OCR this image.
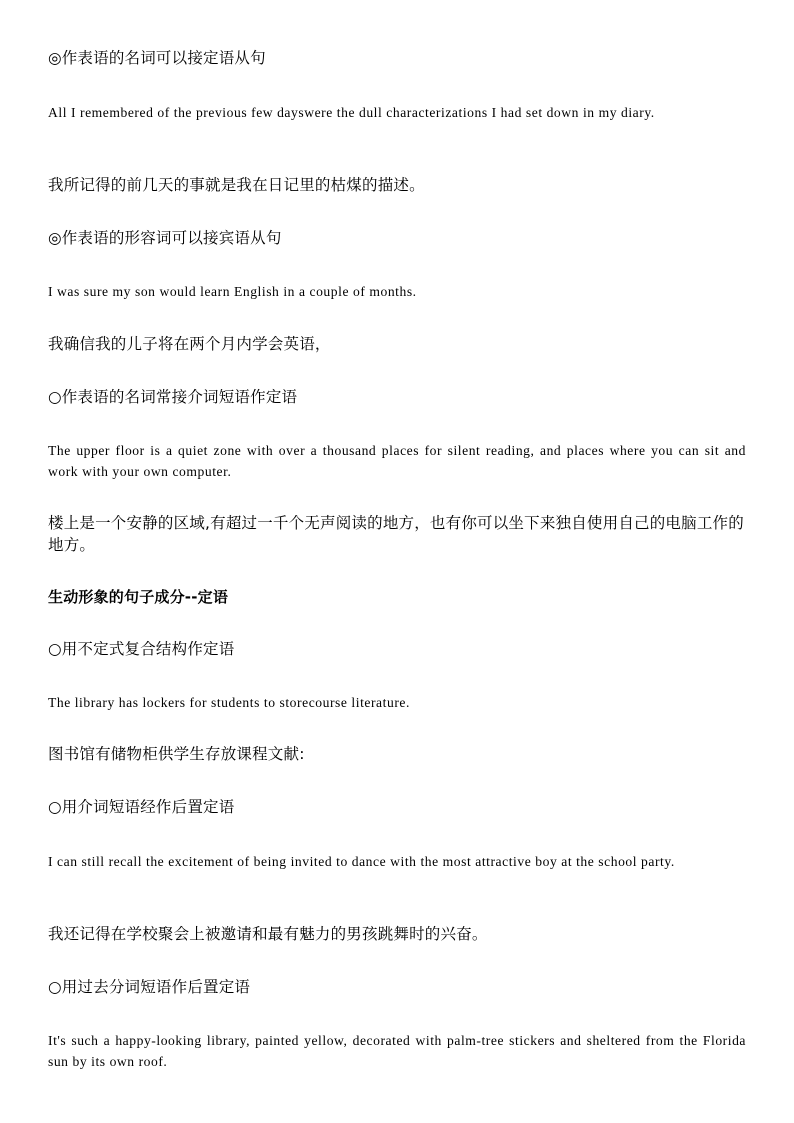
◎作表语的名词可以接定语从句

All I remembered of the previous few dayswere the dull characterizations I had set down in my diary.

我所记得的前几天的事就是我在日记里的枯煤的描述。

◎作表语的形容词可以接宾语从句

I was sure my son would learn English in a couple of months.

我确信我的儿子将在两个月内学会英语，

○作表语的名词常接介词短语作定语

The upper floor is a quiet zone with over a thousand places for silent reading, and places where you can sit and work with your own computer.

楼上是一个安静的区域,有超过一千个无声阅读的地方，也有你可以坐下来独自使用自己的电脑工作的地方。

生动形象的句子成分--定语

○用不定式复合结构作定语

The library has lockers for students to storecourse literature.

图书馆有储物柜供学生存放课程文献:

○用介词短语经作后置定语

I can still recall the excitement of being invited to dance with the most attractive boy at the school party.

我还记得在学校聚会上被邀请和最有魅力的男孩跳舞时的兴奋。

○用过去分词短语作后置定语

It's such a happy-looking library, painted yellow, decorated with palm-tree stickers and sheltered from the Florida sun by its own roof.
